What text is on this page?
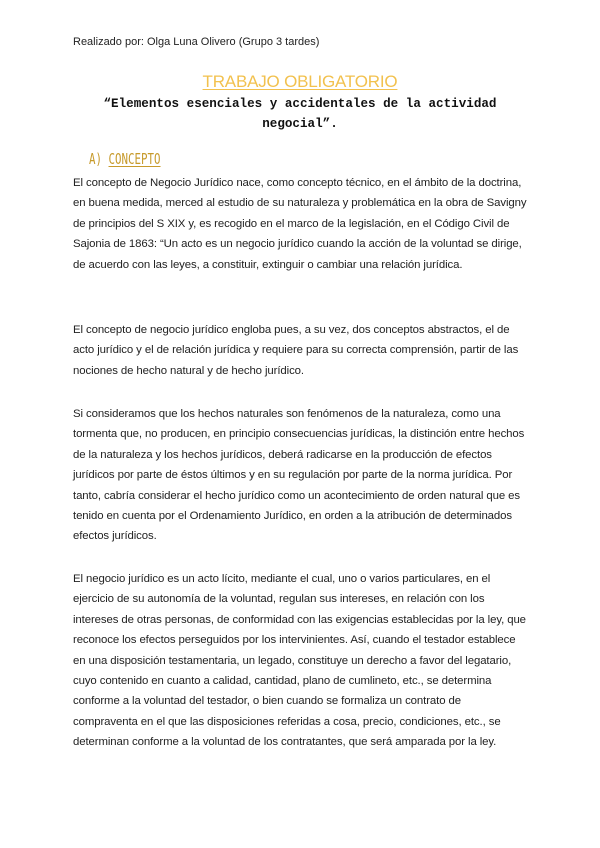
Realizado por: Olga Luna Olivero (Grupo 3 tardes)
TRABAJO OBLIGATORIO
“Elementos esenciales y accidentales de la actividad negocial”.
A) CONCEPTO

El concepto de Negocio Jurídico nace, como concepto técnico, en el ámbito de la doctrina, en buena medida, merced al estudio de su naturaleza y problemática en la obra de Savigny de principios del S XIX y, es recogido en el marco de la legislación, en el Código Civil de Sajonia de 1863: “Un acto es un negocio jurídico cuando la acción de la voluntad se dirige, de acuerdo con las leyes, a constituir, extinguir o cambiar una relación jurídica.

El concepto de negocio jurídico engloba pues, a su vez, dos conceptos abstractos, el de acto jurídico y el de relación jurídica y requiere para su correcta comprensión, partir de las nociones de hecho natural y de hecho jurídico.

Si consideramos que los hechos naturales son fenómenos de la naturaleza, como una tormenta que, no producen, en principio consecuencias jurídicas, la distinción entre hechos de la naturaleza y los hechos jurídicos, deberá radicarse en la producción de efectos jurídicos por parte de éstos últimos y en su regulación por parte de la norma jurídica. Por tanto, cabría considerar el hecho jurídico como un acontecimiento de orden natural que es tenido en cuenta por el Ordenamiento Jurídico, en orden a la atribución de determinados efectos jurídicos.

El negocio jurídico es un acto lícito, mediante el cual, uno o varios particulares, en el ejercicio de su autonomía de la voluntad, regulan sus intereses, en relación con los intereses de otras personas, de conformidad con las exigencias establecidas por la ley, que reconoce los efectos perseguidos por los intervinientes. Así, cuando el testador establece en una disposición testamentaria, un legado, constituye un derecho a favor del legatario, cuyo contenido en cuanto a calidad, cantidad, plano de cumlineto, etc., se determina conforme a la voluntad del testador, o bien cuando se formaliza un contrato de compraventa en el que las disposiciones referidas a cosa, precio, condiciones, etc., se determinan conforme a la voluntad de los contratantes, que será amparada por la ley.
